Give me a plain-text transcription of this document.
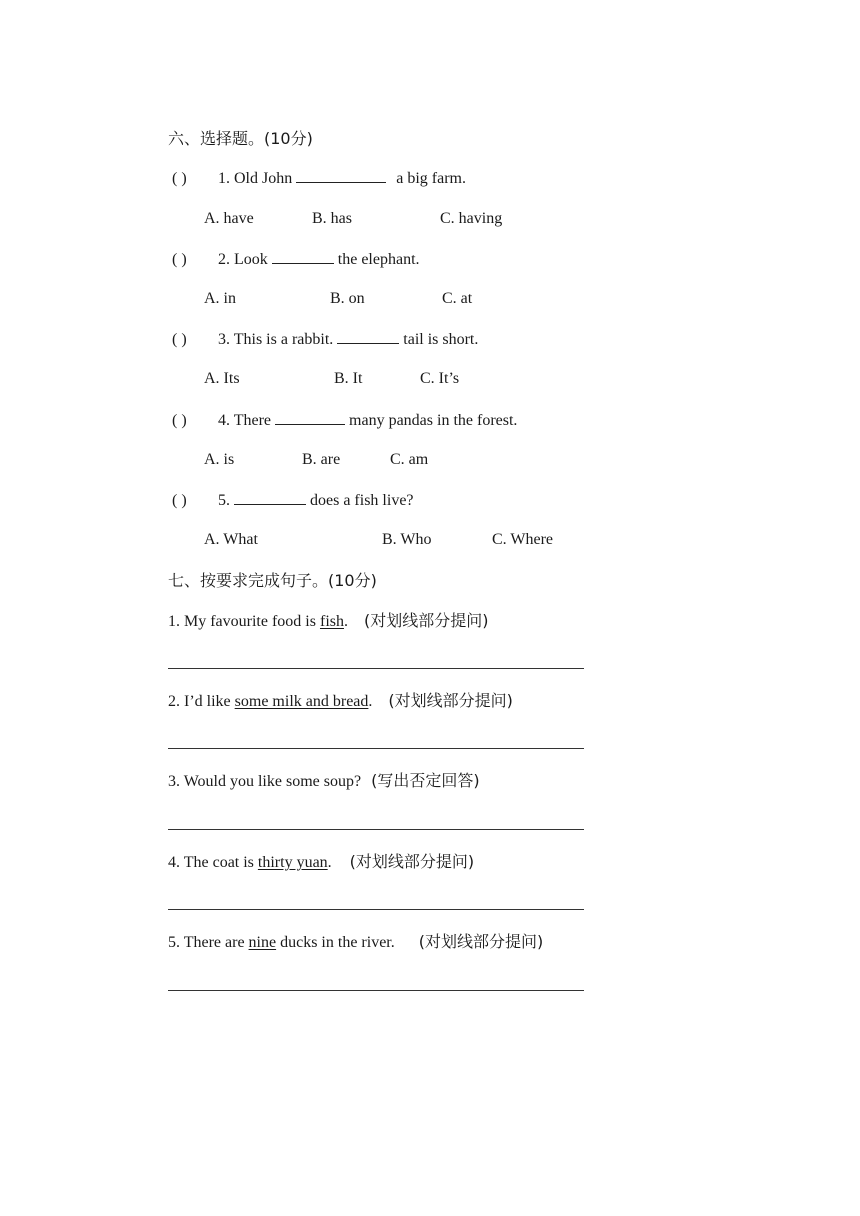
六、选择题。(10分)
( ) 1. Old John	a big farm.
A. have	B. has	C. having
( ) 2. Look	the elephant.
A. in	B. on	C. at
( ) 3. This is a rabbit.	tail is short.
A. Its	B. It	C. It’s
( ) 4. There	many pandas in the forest.
A. is	B. are	C. am
( ) 5.	does a fish live?
A. What	B. Who	C. Where
七、按要求完成句子。(10分)
1. My favourite food is fish. (对划线部分提问)
2. I’d like some milk and bread. (对划线部分提问)
3. Would you like some soup? (写出否定回答)
4. The coat is thirty yuan. (对划线部分提问)
5. There are nine ducks in the river. (对划线部分提问)
